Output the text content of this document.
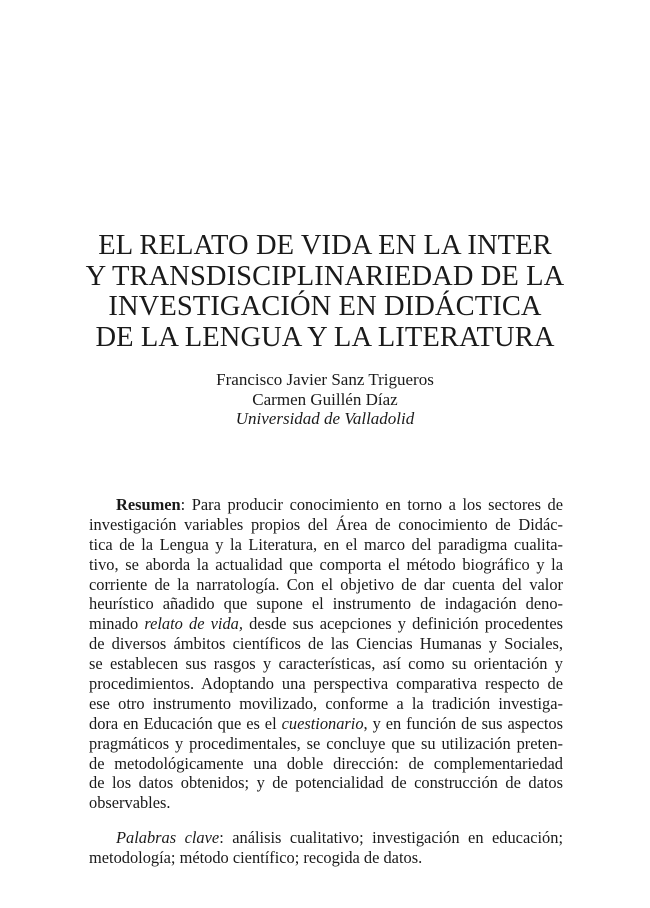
EL RELATO DE VIDA EN LA INTER
Y TRANSDISCIPLINARIEDAD DE LA
INVESTIGACIÓN EN DIDÁCTICA
DE LA LENGUA Y LA LITERATURA
Francisco Javier Sanz Trigueros
Carmen Guillén Díaz
Universidad de Valladolid
Resumen: Para producir conocimiento en torno a los sectores de
investigación variables propios del Área de conocimiento de Didác-
tica de la Lengua y la Literatura, en el marco del paradigma cualita-
tivo, se aborda la actualidad que comporta el método biográfico y la
corriente de la narratología. Con el objetivo de dar cuenta del valor
heurístico añadido que supone el instrumento de indagación deno-
minado relato de vida, desde sus acepciones y definición procedentes
de diversos ámbitos científicos de las Ciencias Humanas y Sociales,
se establecen sus rasgos y características, así como su orientación y
procedimientos. Adoptando una perspectiva comparativa respecto de
ese otro instrumento movilizado, conforme a la tradición investiga-
dora en Educación que es el cuestionario, y en función de sus aspectos
pragmáticos y procedimentales, se concluye que su utilización preten-
de metodológicamente una doble dirección: de complementariedad
de los datos obtenidos; y de potencialidad de construcción de datos
observables.
Palabras clave: análisis cualitativo; investigación en educación;
metodología; método científico; recogida de datos.
